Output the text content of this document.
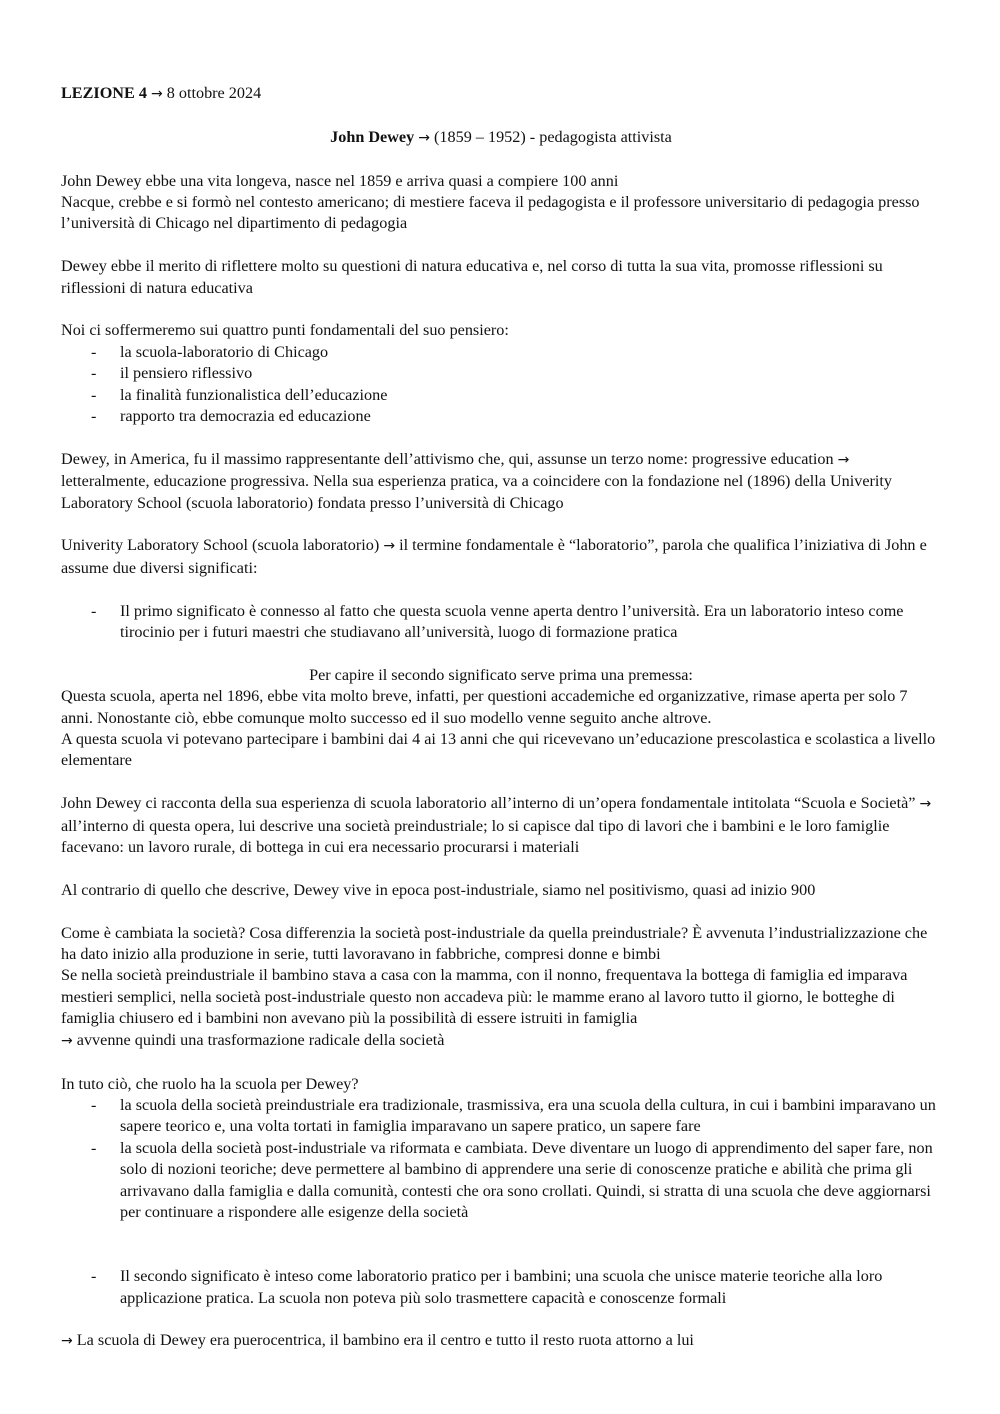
LEZIONE 4 → 8 ottobre 2024

John Dewey → (1859 – 1952) - pedagogista attivista

John Dewey ebbe una vita longeva, nasce nel 1859 e arriva quasi a compiere 100 anni

Nacque, crebbe e si formò nel contesto americano; di mestiere faceva il pedagogista e il professore universitario di pedagogia presso l’università di Chicago nel dipartimento di pedagogia

Dewey ebbe il merito di riflettere molto su questioni di natura educativa e, nel corso di tutta la sua vita, promosse riflessioni su riflessioni di natura educativa

Noi ci soffermeremo sui quattro punti fondamentali del suo pensiero:

- la scuola-laboratorio di Chicago
- il pensiero riflessivo
- la finalità funzionalistica dell’educazione
- rapporto tra democrazia ed educazione

Dewey, in America, fu il massimo rappresentante dell’attivismo che, qui, assunse un terzo nome: progressive education → letteralmente, educazione progressiva. Nella sua esperienza pratica, va a coincidere con la fondazione nel (1896) della Univerity Laboratory School (scuola laboratorio) fondata presso l’università di Chicago

Univerity Laboratory School (scuola laboratorio) → il termine fondamentale è “laboratorio”, parola che qualifica l’iniziativa di John e assume due diversi significati:

- Il primo significato è connesso al fatto che questa scuola venne aperta dentro l’università. Era un laboratorio inteso come tirocinio per i futuri maestri che studiavano all’università, luogo di formazione pratica

Per capire il secondo significato serve prima una premessa:

Questa scuola, aperta nel 1896, ebbe vita molto breve, infatti, per questioni accademiche ed organizzative, rimase aperta per solo 7 anni. Nonostante ciò, ebbe comunque molto successo ed il suo modello venne seguito anche altrove.

A questa scuola vi potevano partecipare i bambini dai 4 ai 13 anni che qui ricevevano un’educazione prescolastica e scolastica a livello elementare

John Dewey ci racconta della sua esperienza di scuola laboratorio all’interno di un’opera fondamentale intitolata “Scuola e Società” → all’interno di questa opera, lui descrive una società preindustriale; lo si capisce dal tipo di lavori che i bambini e le loro famiglie facevano: un lavoro rurale, di bottega in cui era necessario procurarsi i materiali

Al contrario di quello che descrive, Dewey vive in epoca post-industriale, siamo nel positivismo, quasi ad inizio 900

Come è cambiata la società? Cosa differenzia la società post-industriale da quella preindustriale? È avvenuta l’industrializzazione che ha dato inizio alla produzione in serie, tutti lavoravano in fabbriche, compresi donne e bimbi

Se nella società preindustriale il bambino stava a casa con la mamma, con il nonno, frequentava la bottega di famiglia ed imparava mestieri semplici, nella società post-industriale questo non accadeva più: le mamme erano al lavoro tutto il giorno, le botteghe di famiglia chiusero ed i bambini non avevano più la possibilità di essere istruiti in famiglia

→ avvenne quindi una trasformazione radicale della società

In tuto ciò, che ruolo ha la scuola per Dewey?

- la scuola della società preindustriale era tradizionale, trasmissiva, era una scuola della cultura, in cui i bambini imparavano un sapere teorico e, una volta tortati in famiglia imparavano un sapere pratico, un sapere fare
- la scuola della società post-industriale va riformata e cambiata. Deve diventare un luogo di apprendimento del saper fare, non solo di nozioni teoriche; deve permettere al bambino di apprendere una serie di conoscenze pratiche e abilità che prima gli arrivavano dalla famiglia e dalla comunità, contesti che ora sono crollati. Quindi, si stratta di una scuola che deve aggiornarsi per continuare a rispondere alle esigenze della società
- Il secondo significato è inteso come laboratorio pratico per i bambini; una scuola che unisce materie teoriche alla loro applicazione pratica. La scuola non poteva più solo trasmettere capacità e conoscenze formali

→ La scuola di Dewey era puerocentrica, il bambino era il centro e tutto il resto ruota attorno a lui
